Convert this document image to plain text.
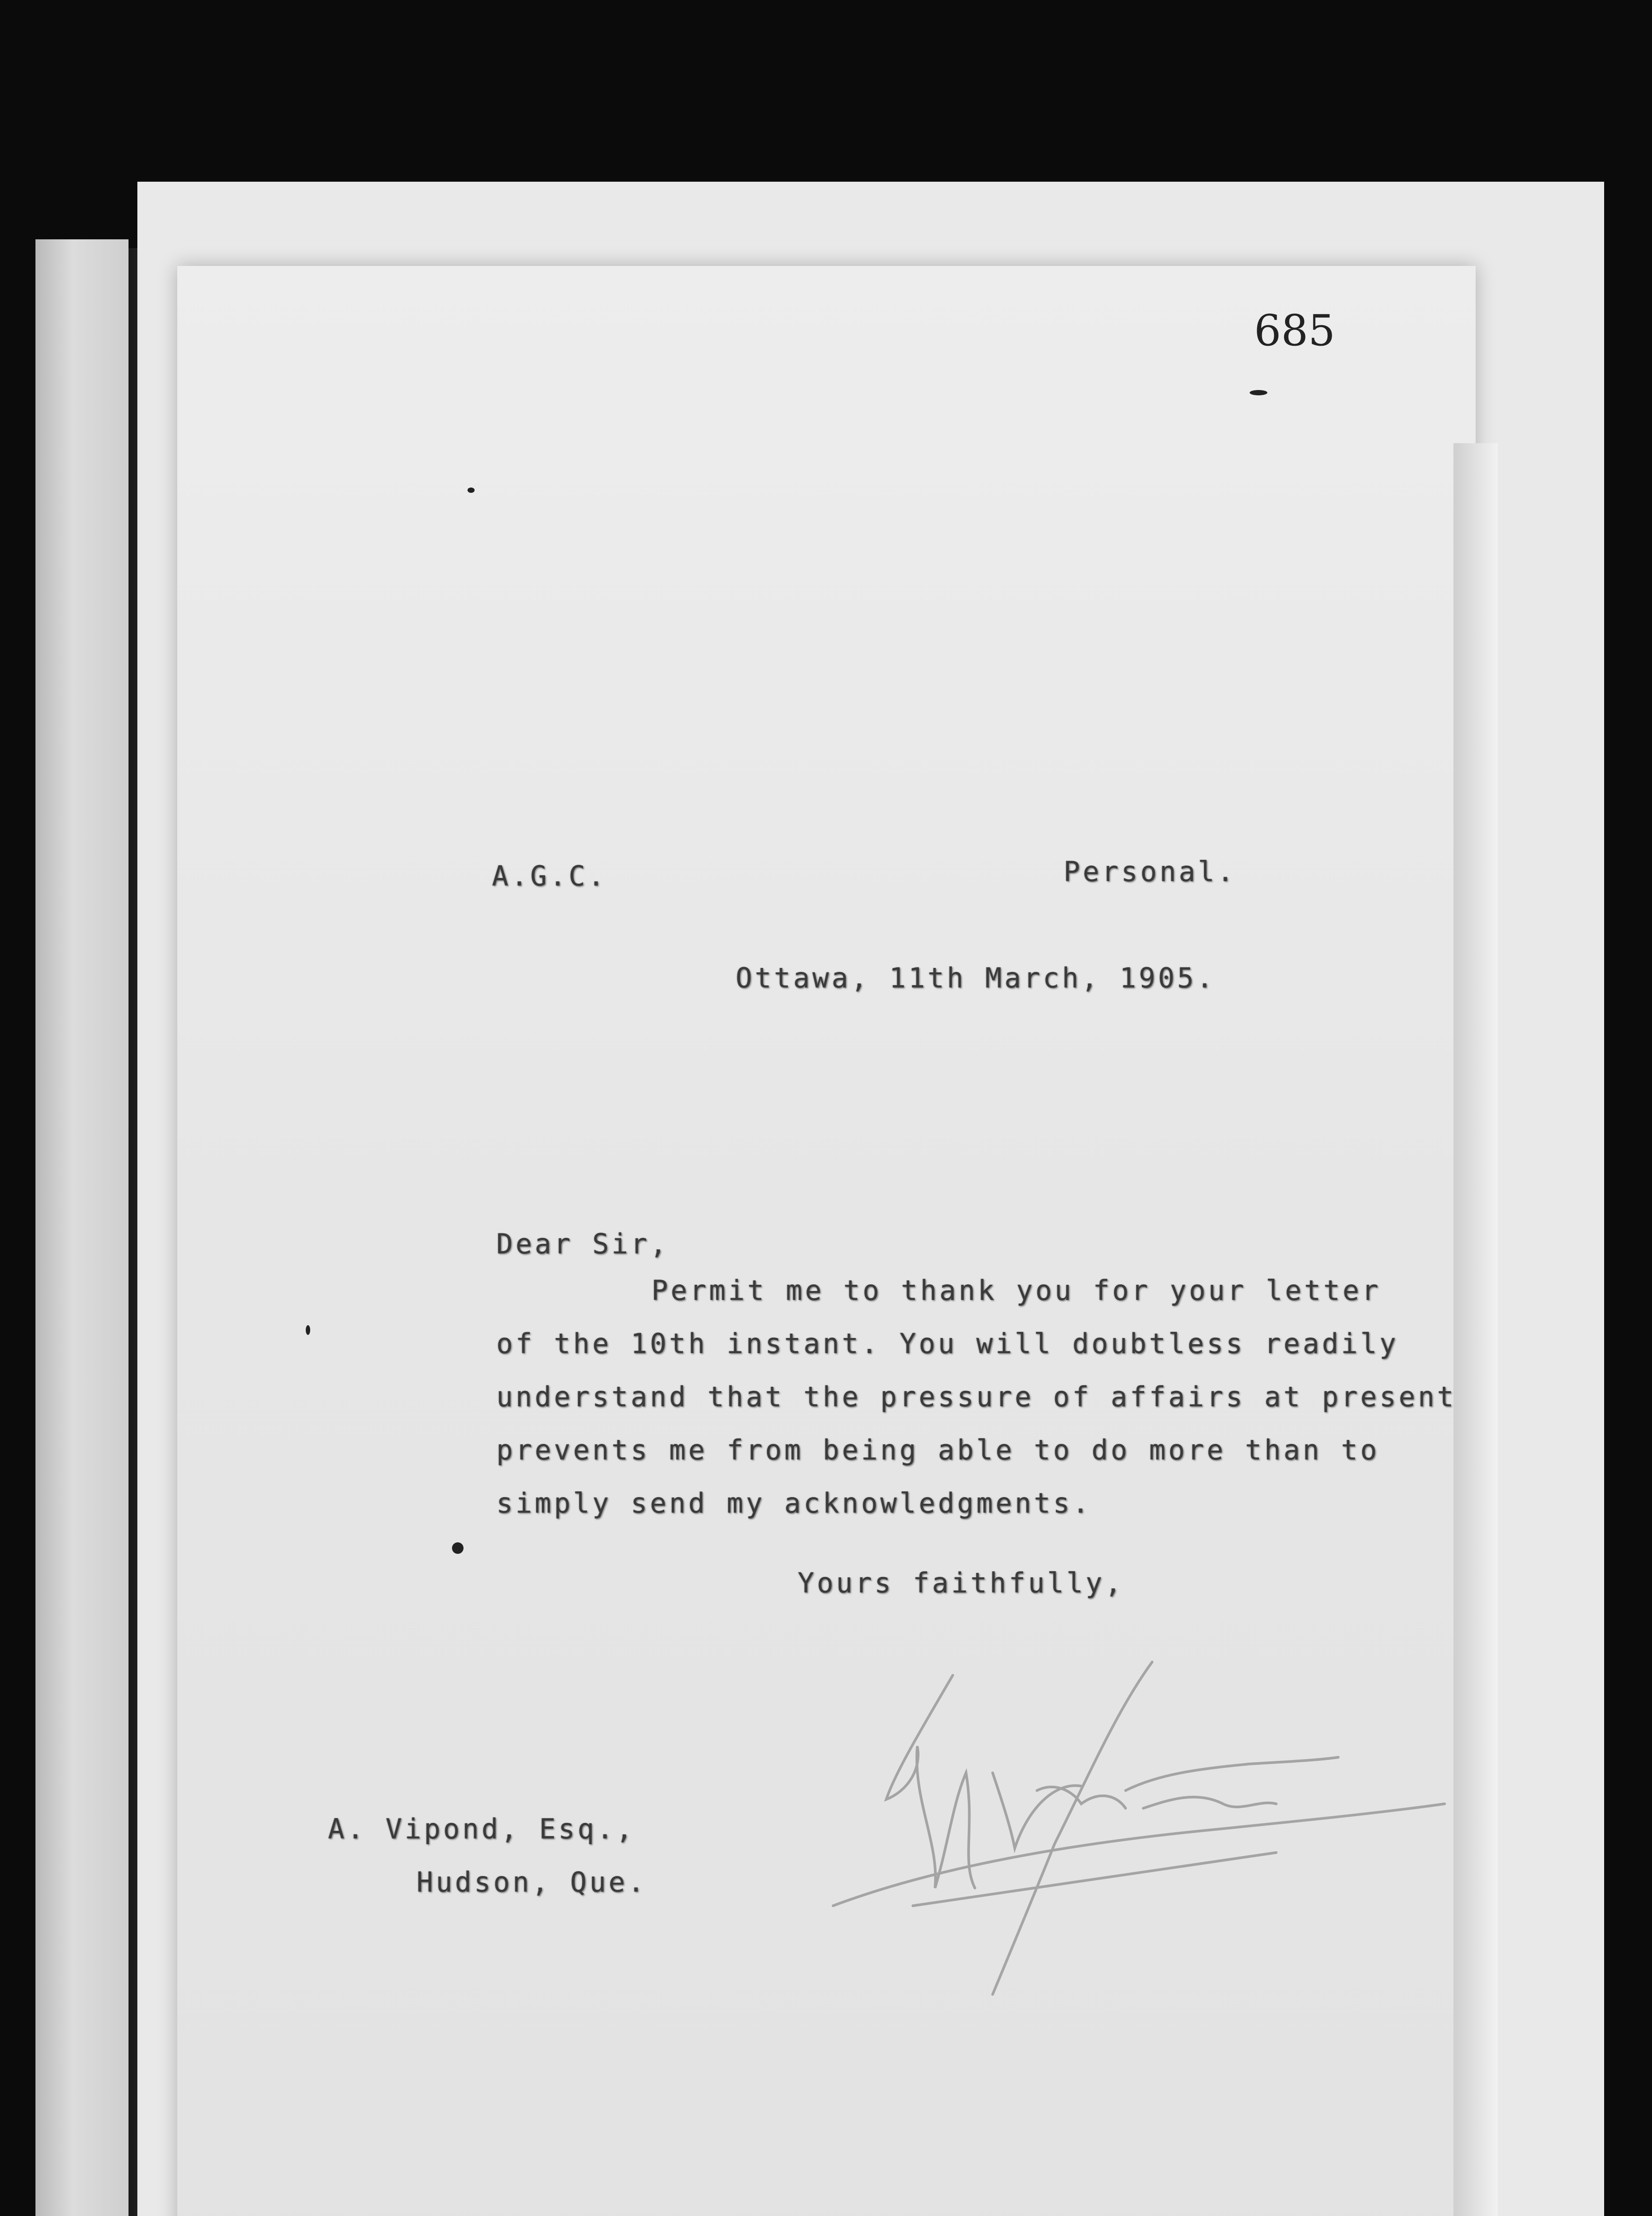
685
A.G.C.	Personal.
Ottawa, 11th March, 1905.
Dear Sir,
Permit me to thank you for your letter
of the 10th instant. You will doubtless readily
understand that the pressure of affairs at present
prevents me from being able to do more than to
simply send my acknowledgments.
Yours faithfully,
A. Vipond, Esq.,
Hudson, Que.
